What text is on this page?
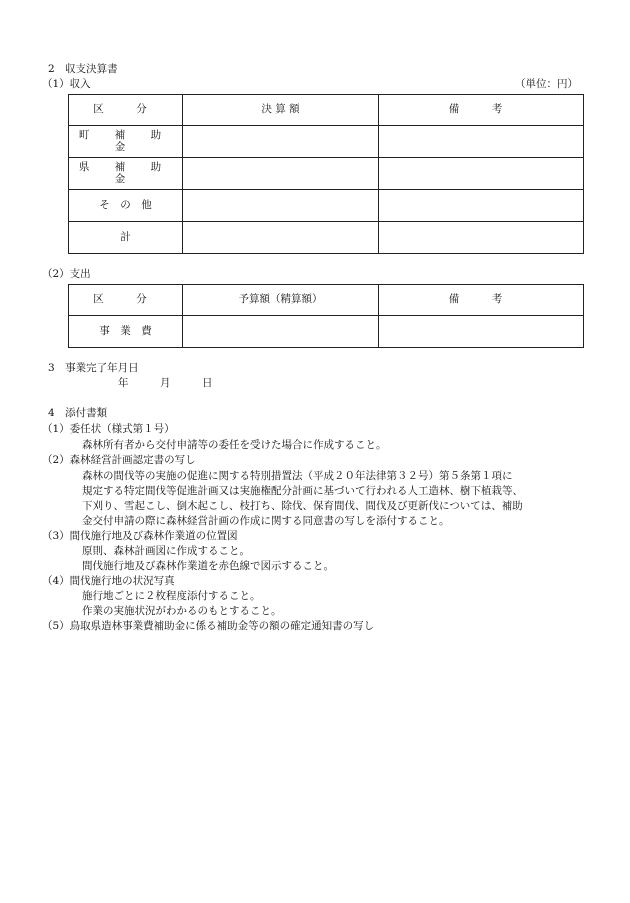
2　収支決算書
（1）収入	（単位：円）
区　分	決 算 額	備　考
町 補 助 金		
県 補 助 金		
そ　の　他		
計		
（2）支出
区　分	予算額（精算額）	備　考
事　業　費		
3　事業完了年月日
年　　　月　　　日
4　添付書類
（1）委任状（様式第１号）
森林所有者から交付申請等の委任を受けた場合に作成すること。
（2）森林経営計画認定書の写し
森林の間伐等の実施の促進に関する特別措置法（平成２０年法律第３２号）第５条第１項に
規定する特定間伐等促進計画又は実施権配分計画に基づいて行われる人工造林、樹下植栽等、
下刈り、雪起こし、倒木起こし、枝打ち、除伐、保育間伐、間伐及び更新伐については、補助
金交付申請の際に森林経営計画の作成に関する同意書の写しを添付すること。
（3）間伐施行地及び森林作業道の位置図
原則、森林計画図に作成すること。
間伐施行地及び森林作業道を赤色線で図示すること。
（4）間伐施行地の状況写真
施行地ごとに２枚程度添付すること。
作業の実施状況がわかるのもとすること。
（5）鳥取県造林事業費補助金に係る補助金等の額の確定通知書の写し
